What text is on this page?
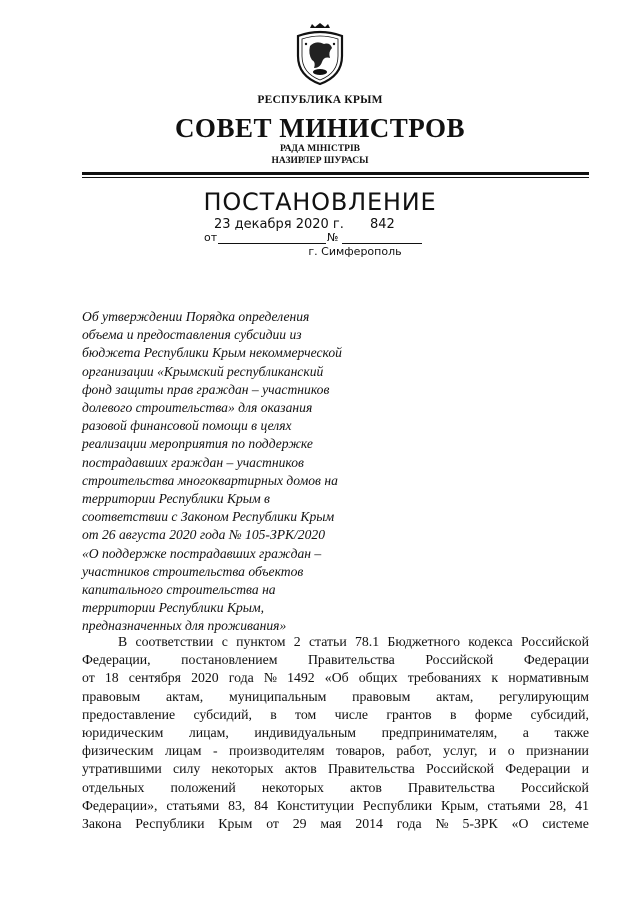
РЕСПУБЛИКА КРЫМ
СОВЕТ МИНИСТРОВ
РАДА МІНІСТРІВ
НАЗИРЛЕР ШУРАСЫ
ПОСТАНОВЛЕНИЕ
23 декабря 2020 г. 842
от	№
г. Симферополь
Об утверждении Порядка определения
объема и предоставления субсидии из
бюджета Республики Крым некоммерческой
организации «Крымский республиканский
фонд защиты прав граждан – участников
долевого строительства» для оказания
разовой финансовой помощи в целях
реализации мероприятия по поддержке
пострадавших граждан – участников
строительства многоквартирных домов на
территории Республики Крым в
соответствии с Законом Республики Крым
от 26 августа 2020 года № 105-ЗРК/2020
«О поддержке пострадавших граждан –
участников строительства объектов
капитального строительства на
территории Республики Крым,
предназначенных для проживания»
В соответствии с пунктом 2 статьи 78.1 Бюджетного кодекса Российской
Федерации, постановлением Правительства Российской Федерации
от 18 сентября 2020 года № 1492 «Об общих требованиях к нормативным
правовым актам, муниципальным правовым актам, регулирующим
предоставление субсидий, в том числе грантов в форме субсидий,
юридическим лицам, индивидуальным предпринимателям, а также
физическим лицам - производителям товаров, работ, услуг, и о признании
утратившими силу некоторых актов Правительства Российской Федерации и
отдельных положений некоторых актов Правительства Российской
Федерации», статьями 83, 84 Конституции Республики Крым, статьями 28, 41
Закона Республики Крым от 29 мая 2014 года № 5-ЗРК «О системе
